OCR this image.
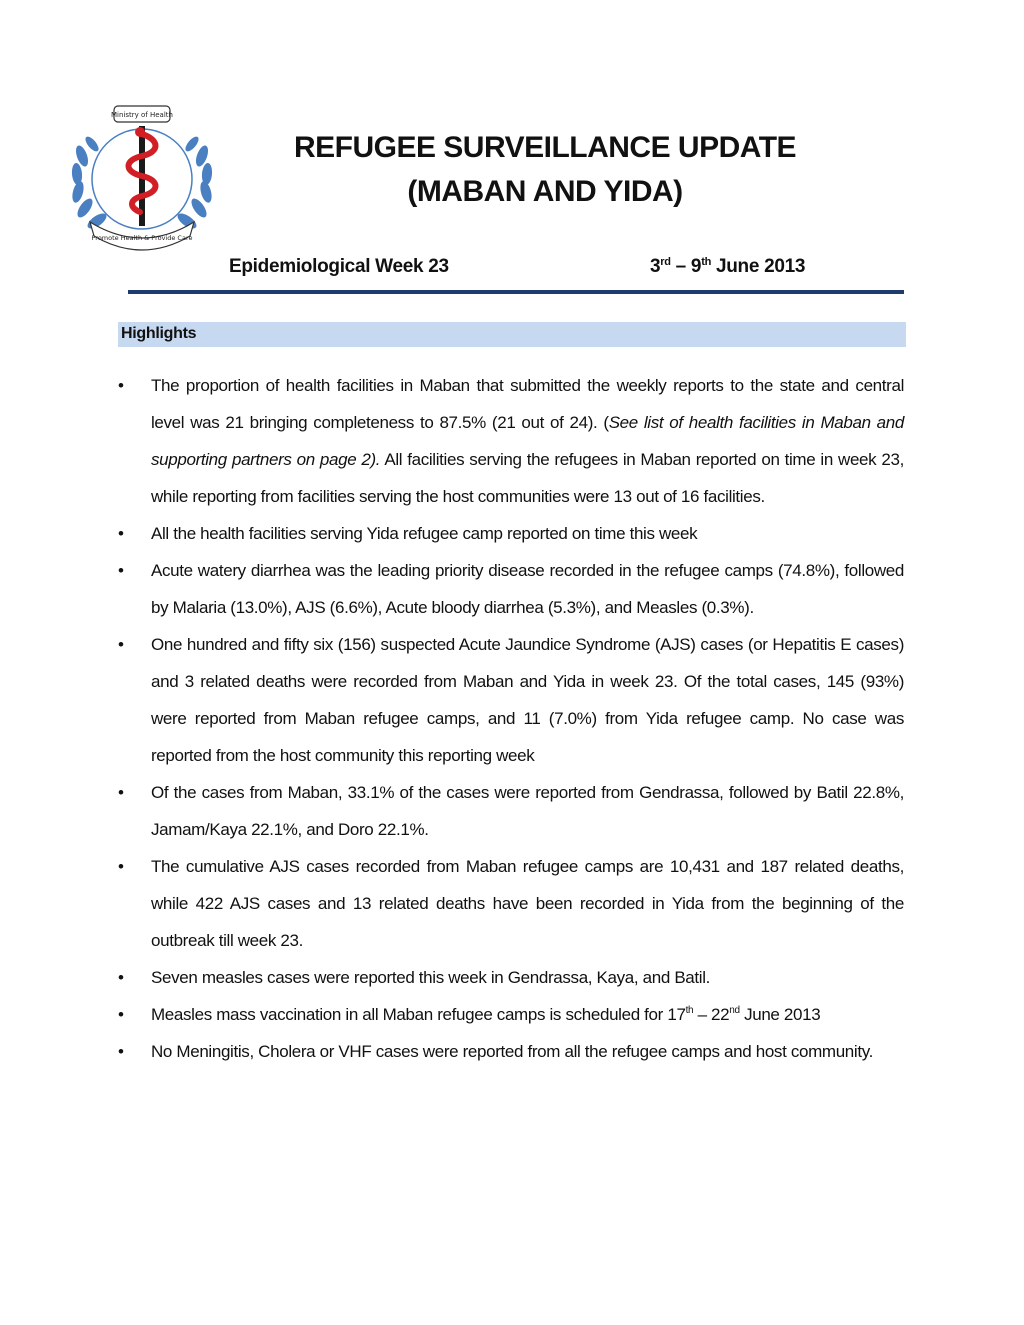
Ministry of Health
Promote Health & Provide Care
REFUGEE SURVEILLANCE UPDATE
(MABAN AND YIDA)
Epidemiological Week 23	3rd – 9th June 2013
Highlights
• The proportion of health facilities in Maban that submitted the weekly reports to the state and central level was 21 bringing completeness to 87.5% (21 out of 24). (See list of health facilities in Maban and supporting partners on page 2). All facilities serving the refugees in Maban reported on time in week 23, while reporting from facilities serving the host communities were 13 out of 16 facilities.
• All the health facilities serving Yida refugee camp reported on time this week
• Acute watery diarrhea was the leading priority disease recorded in the refugee camps (74.8%), followed by Malaria (13.0%), AJS (6.6%), Acute bloody diarrhea (5.3%), and Measles (0.3%).
• One hundred and fifty six (156) suspected Acute Jaundice Syndrome (AJS) cases (or Hepatitis E cases) and 3 related deaths were recorded from Maban and Yida in week 23. Of the total cases, 145 (93%) were reported from Maban refugee camps, and 11 (7.0%) from Yida refugee camp. No case was reported from the host community this reporting week
• Of the cases from Maban, 33.1% of the cases were reported from Gendrassa, followed by Batil 22.8%, Jamam/Kaya 22.1%, and Doro 22.1%.
• The cumulative AJS cases recorded from Maban refugee camps are 10,431 and 187 related deaths, while 422 AJS cases and 13 related deaths have been recorded in Yida from the beginning of the outbreak till week 23.
• Seven measles cases were reported this week in Gendrassa, Kaya, and Batil.
• Measles mass vaccination in all Maban refugee camps is scheduled for 17th – 22nd June 2013
• No Meningitis, Cholera or VHF cases were reported from all the refugee camps and host community.
